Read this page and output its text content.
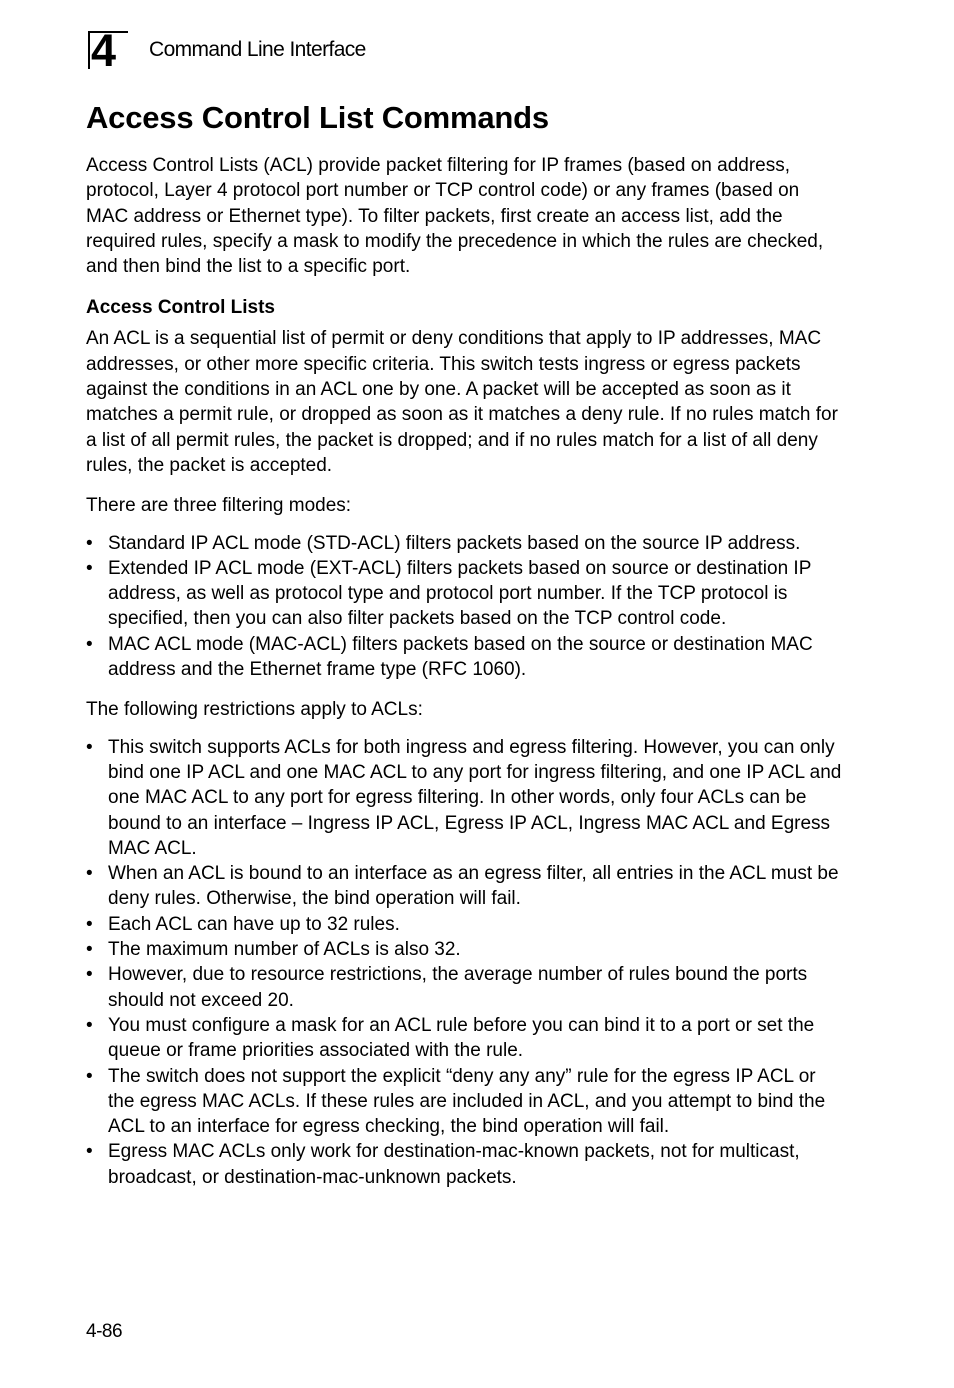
4 Command Line Interface
Access Control List Commands

Access Control Lists (ACL) provide packet filtering for IP frames (based on address, protocol, Layer 4 protocol port number or TCP control code) or any frames (based on MAC address or Ethernet type). To filter packets, first create an access list, add the required rules, specify a mask to modify the precedence in which the rules are checked, and then bind the list to a specific port.

Access Control Lists

An ACL is a sequential list of permit or deny conditions that apply to IP addresses, MAC addresses, or other more specific criteria. This switch tests ingress or egress packets against the conditions in an ACL one by one. A packet will be accepted as soon as it matches a permit rule, or dropped as soon as it matches a deny rule. If no rules match for a list of all permit rules, the packet is dropped; and if no rules match for a list of all deny rules, the packet is accepted.

There are three filtering modes:

• Standard IP ACL mode (STD-ACL) filters packets based on the source IP address.
• Extended IP ACL mode (EXT-ACL) filters packets based on source or destination IP address, as well as protocol type and protocol port number. If the TCP protocol is specified, then you can also filter packets based on the TCP control code.
• MAC ACL mode (MAC-ACL) filters packets based on the source or destination MAC address and the Ethernet frame type (RFC 1060).

The following restrictions apply to ACLs:

• This switch supports ACLs for both ingress and egress filtering. However, you can only bind one IP ACL and one MAC ACL to any port for ingress filtering, and one IP ACL and one MAC ACL to any port for egress filtering. In other words, only four ACLs can be bound to an interface – Ingress IP ACL, Egress IP ACL, Ingress MAC ACL and Egress MAC ACL.
• When an ACL is bound to an interface as an egress filter, all entries in the ACL must be deny rules. Otherwise, the bind operation will fail.
• Each ACL can have up to 32 rules.
• The maximum number of ACLs is also 32.
• However, due to resource restrictions, the average number of rules bound the ports should not exceed 20.
• You must configure a mask for an ACL rule before you can bind it to a port or set the queue or frame priorities associated with the rule.
• The switch does not support the explicit “deny any any” rule for the egress IP ACL or the egress MAC ACLs. If these rules are included in ACL, and you attempt to bind the ACL to an interface for egress checking, the bind operation will fail.
• Egress MAC ACLs only work for destination-mac-known packets, not for multicast, broadcast, or destination-mac-unknown packets.
4-86
